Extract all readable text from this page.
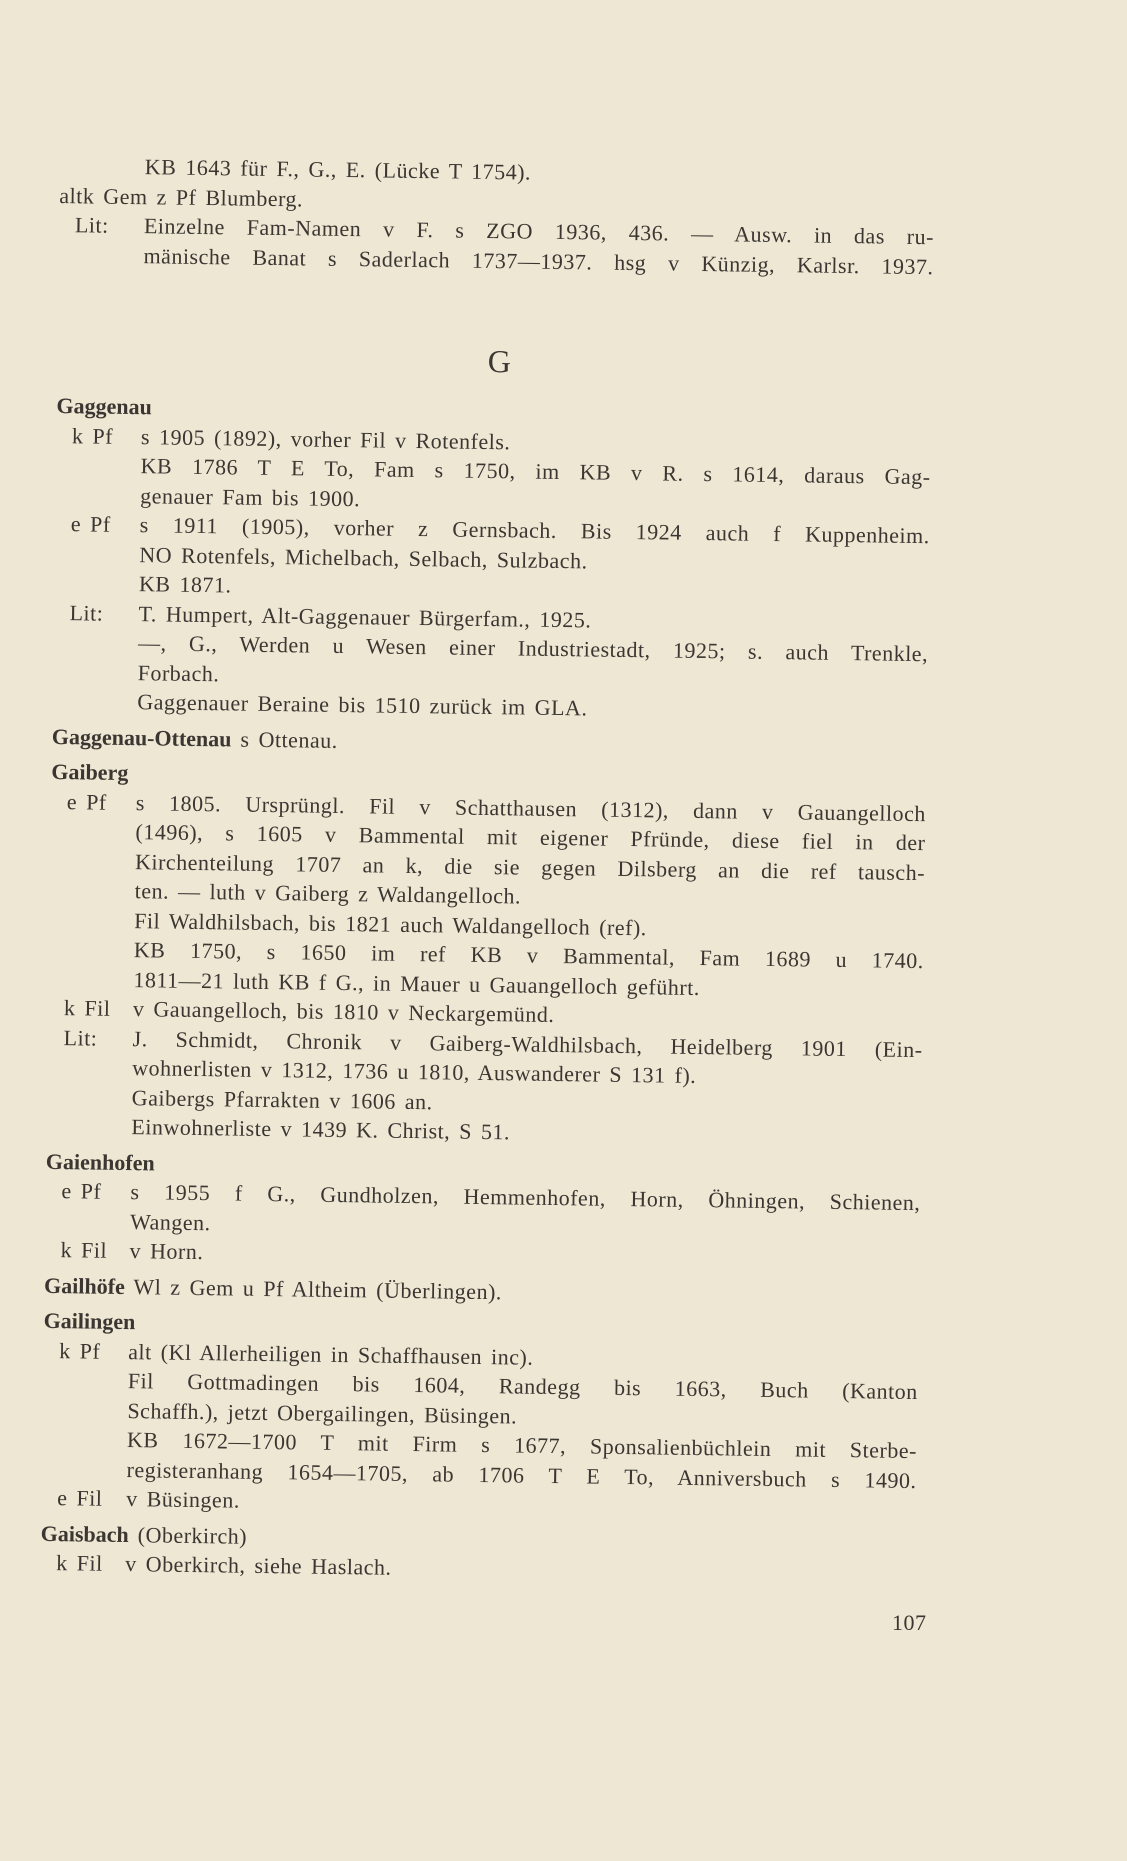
KB 1643 für F., G., E. (Lücke T 1754).
altk Gem z Pf Blumberg.
Lit:	Einzelne Fam-Namen v F. s ZGO 1936, 436. — Ausw. in das ru-
mänische Banat s Saderlach 1737—1937. hsg v Künzig, Karlsr. 1937.
G
Gaggenau
k Pf	s 1905 (1892), vorher Fil v Rotenfels.
KB 1786 T E To, Fam s 1750, im KB v R. s 1614, daraus Gag-
genauer Fam bis 1900.
e Pf	s 1911 (1905), vorher z Gernsbach. Bis 1924 auch f Kuppenheim.
NO Rotenfels, Michelbach, Selbach, Sulzbach.
KB 1871.
Lit:	T. Humpert, Alt-Gaggenauer Bürgerfam., 1925.
—, G., Werden u Wesen einer Industriestadt, 1925; s. auch Trenkle,
Forbach.
Gaggenauer Beraine bis 1510 zurück im GLA.
Gaggenau-Ottenau s Ottenau.
Gaiberg
e Pf	s 1805. Ursprüngl. Fil v Schatthausen (1312), dann v Gauangelloch
(1496), s 1605 v Bammental mit eigener Pfründe, diese fiel in der
Kirchenteilung 1707 an k, die sie gegen Dilsberg an die ref tausch-
ten. — luth v Gaiberg z Waldangelloch.
Fil Waldhilsbach, bis 1821 auch Waldangelloch (ref).
KB 1750, s 1650 im ref KB v Bammental, Fam 1689 u 1740.
1811—21 luth KB f G., in Mauer u Gauangelloch geführt.
k Fil	v Gauangelloch, bis 1810 v Neckargemünd.
Lit:	J. Schmidt, Chronik v Gaiberg-Waldhilsbach, Heidelberg 1901 (Ein-
wohnerlisten v 1312, 1736 u 1810, Auswanderer S 131 f).
Gaibergs Pfarrakten v 1606 an.
Einwohnerliste v 1439 K. Christ, S 51.
Gaienhofen
e Pf	s 1955 f G., Gundholzen, Hemmenhofen, Horn, Öhningen, Schienen,
Wangen.
k Fil	v Horn.
Gailhöfe Wl z Gem u Pf Altheim (Überlingen).
Gailingen
k Pf	alt (Kl Allerheiligen in Schaffhausen inc).
Fil Gottmadingen bis 1604, Randegg bis 1663, Buch (Kanton
Schaffh.), jetzt Obergailingen, Büsingen.
KB 1672—1700 T mit Firm s 1677, Sponsalienbüchlein mit Sterbe-
registeranhang 1654—1705, ab 1706 T E To, Anniversbuch s 1490.
e Fil	v Büsingen.
Gaisbach (Oberkirch)
k Fil	v Oberkirch, siehe Haslach.
107
